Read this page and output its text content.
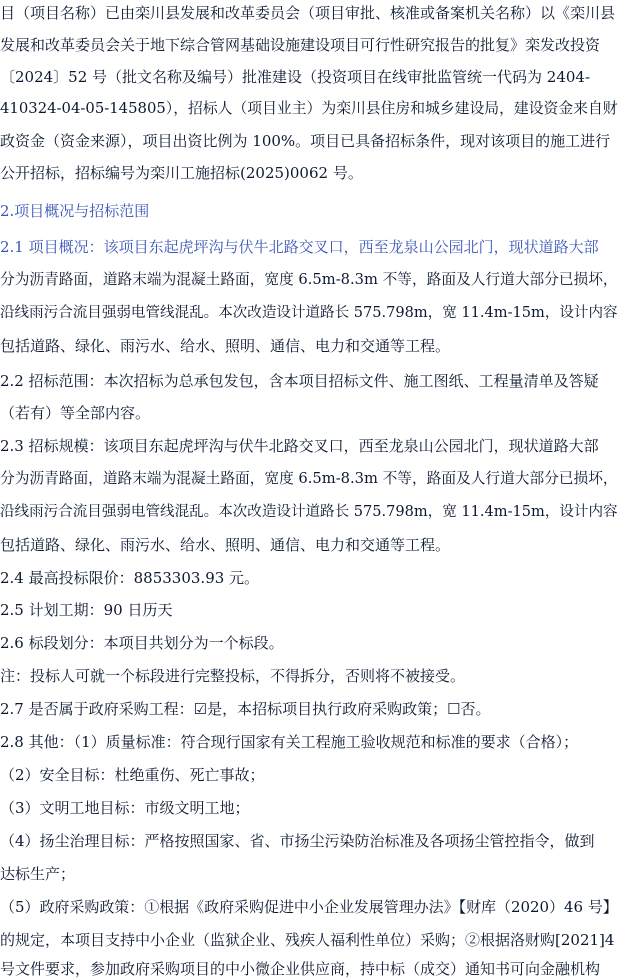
目（项目名称）已由栾川县发展和改革委员会（项目审批、核准或备案机关名称）以《栾川县

发展和改革委员会关于地下综合管网基础设施建设项目可行性研究报告的批复》栾发改投资

〔2024〕52 号（批文名称及编号）批准建设（投资项目在线审批监管统一代码为 2404-

410324-04-05-145805），招标人（项目业主）为栾川县住房和城乡建设局，建设资金来自财

政资金（资金来源），项目出资比例为 100%。项目已具备招标条件，现对该项目的施工进行

公开招标，招标编号为栾川工施招标(2025)0062 号。

2.项目概况与招标范围

2.1 项目概况：该项目东起虎坪沟与伏牛北路交叉口，西至龙泉山公园北门，现状道路大部

分为沥青路面，道路末端为混凝土路面，宽度 6.5m-8.3m 不等，路面及人行道大部分已损坏，

沿线雨污合流目强弱电管线混乱。本次改造设计道路长 575.798m，宽 11.4m-15m，设计内容

包括道路、绿化、雨污水、给水、照明、通信、电力和交通等工程。

2.2 招标范围：本次招标为总承包发包，含本项目招标文件、施工图纸、工程量清单及答疑

（若有）等全部内容。

2.3 招标规模：该项目东起虎坪沟与伏牛北路交叉口，西至龙泉山公园北门，现状道路大部

分为沥青路面，道路末端为混凝土路面，宽度 6.5m-8.3m 不等，路面及人行道大部分已损坏，

沿线雨污合流目强弱电管线混乱。本次改造设计道路长 575.798m，宽 11.4m-15m，设计内容

包括道路、绿化、雨污水、给水、照明、通信、电力和交通等工程。

2.4 最高投标限价：8853303.93 元。

2.5 计划工期：90 日历天

2.6 标段划分：本项目共划分为一个标段。

注：投标人可就一个标段进行完整投标，不得拆分，否则将不被接受。

2.7 是否属于政府采购工程：☑是，本招标项目执行政府采购政策；☐否。

2.8 其他：（1）质量标准：符合现行国家有关工程施工验收规范和标准的要求（合格）；

（2）安全目标：杜绝重伤、死亡事故；

（3）文明工地目标：市级文明工地；

（4）扬尘治理目标：严格按照国家、省、市扬尘污染防治标准及各项扬尘管控指令，做到

达标生产；

（5）政府采购政策：①根据《政府采购促进中小企业发展管理办法》【财库（2020）46 号】

的规定，本项目支持中小企业（监狱企业、残疾人福利性单位）采购；②根据洛财购[2021]4

号文件要求，参加政府采购项目的中小微企业供应商，持中标（成交）通知书可向金融机构
